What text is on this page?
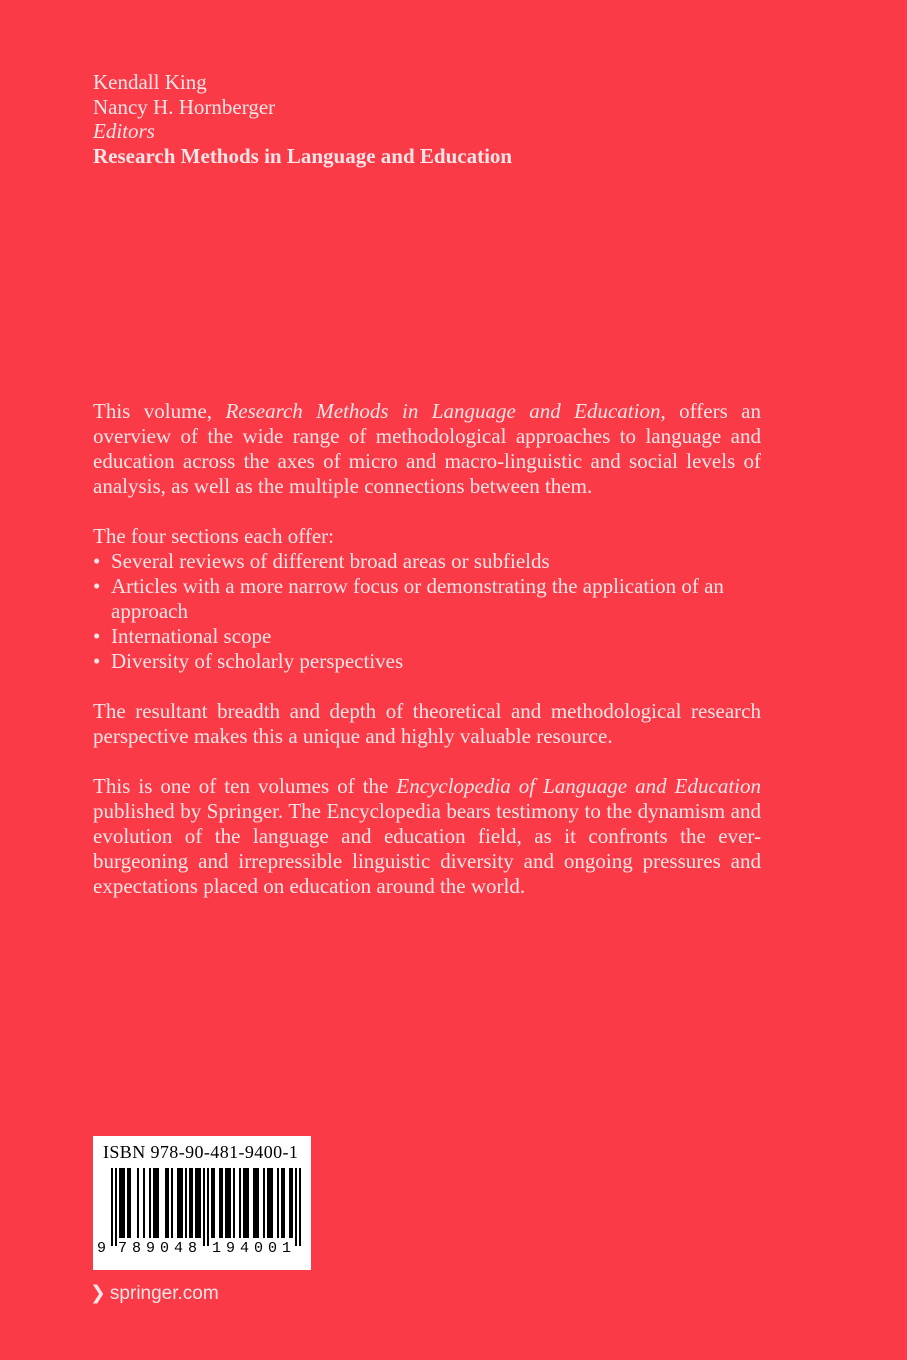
Kendall King
Nancy H. Hornberger
Editors
Research Methods in Language and Education

This volume, Research Methods in Language and Education, offers an overview of the wide range of methodological approaches to language and education across the axes of micro and macro-linguistic and social levels of analysis, as well as the multiple connections between them.

The four sections each offer:

• Several reviews of different broad areas or subfields
• Articles with a more narrow focus or demonstrating the application of an approach
• International scope
• Diversity of scholarly perspectives

The resultant breadth and depth of theoretical and methodological research perspective makes this a unique and highly valuable resource.

This is one of ten volumes of the Encyclopedia of Language and Education published by Springer. The Encyclopedia bears testimony to the dynamism and evolution of the language and education field, as it confronts the ever-burgeoning and irrepressible linguistic diversity and ongoing pressures and expectations placed on education around the world.

ISBN 978-90-481-9400-1
9 7 8 9 0 4 8 1 9 4 0 0 1
❯ springer.com
